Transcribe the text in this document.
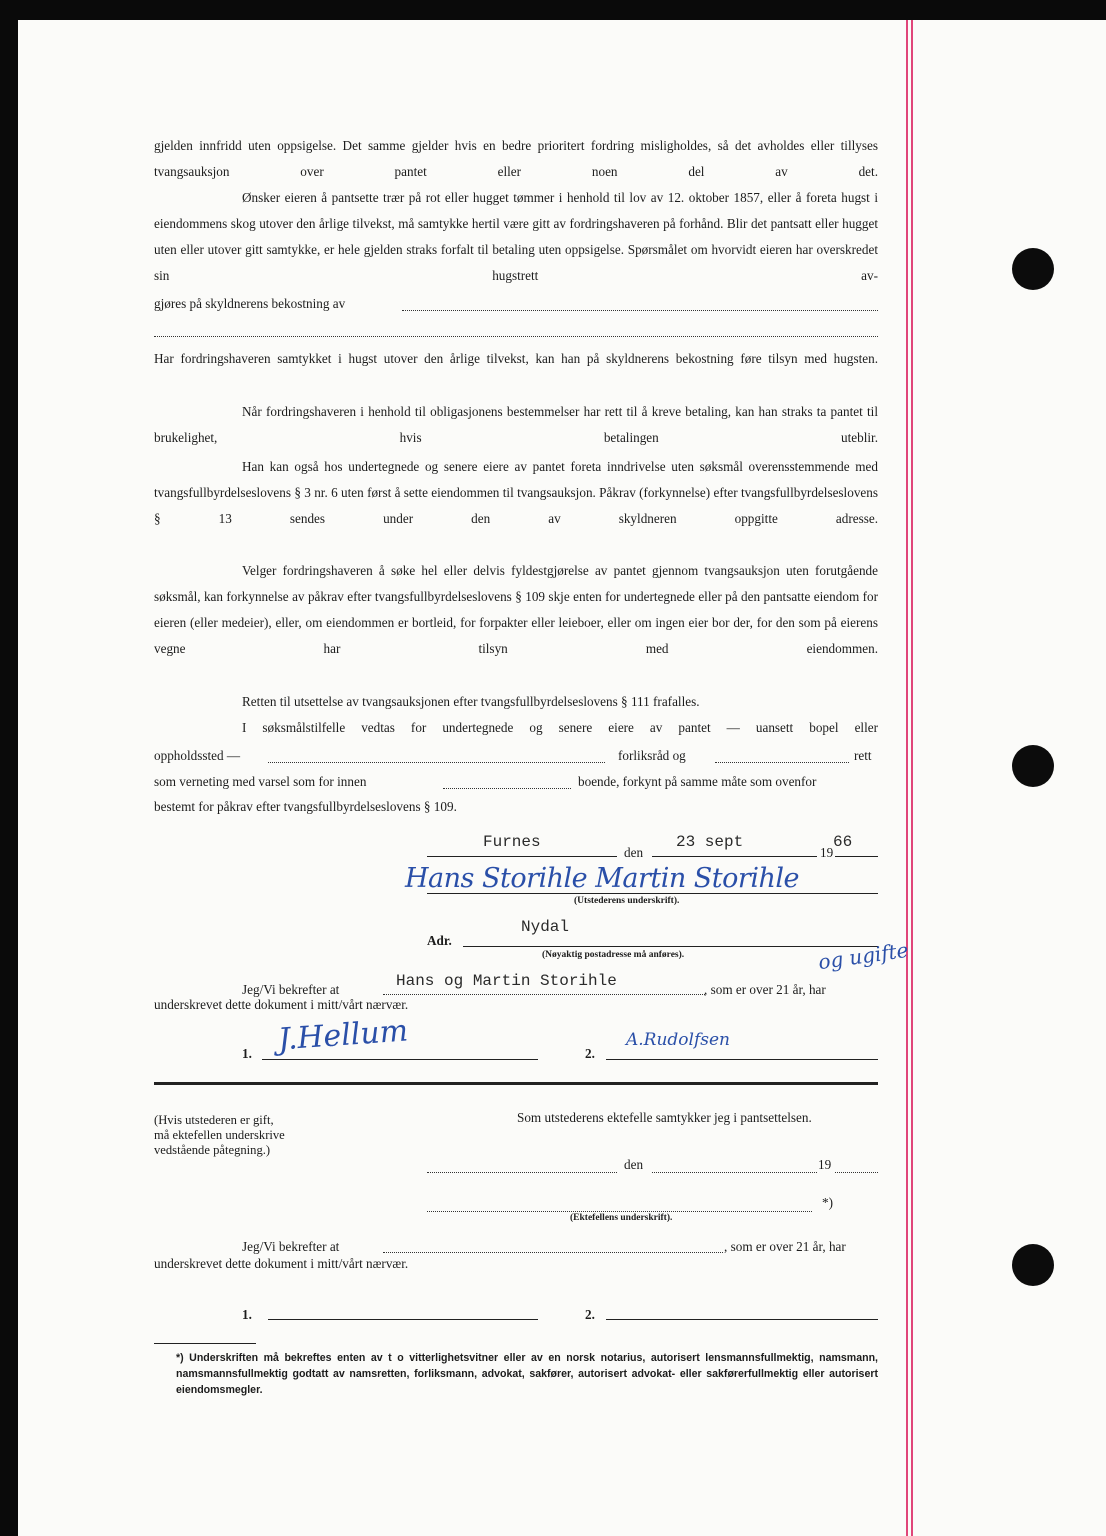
gjelden innfridd uten oppsigelse. Det samme gjelder hvis en bedre prioritert fordring misligholdes, så det avholdes eller tillyses tvangsauksjon over pantet eller noen del av det.

Ønsker eieren å pantsette trær på rot eller hugget tømmer i henhold til lov av 12. oktober 1857, eller å foreta hugst i eiendommens skog utover den årlige tilvekst, må samtykke hertil være gitt av fordringshaveren på forhånd. Blir det pantsatt eller hugget uten eller utover gitt samtykke, er hele gjelden straks forfalt til betaling uten oppsigelse. Spørsmålet om hvorvidt eieren har overskredet sin hugstrett av-

gjøres på skyldnerens bekostning av

Har fordringshaveren samtykket i hugst utover den årlige tilvekst, kan han på skyldnerens bekostning føre tilsyn med hugsten.

Når fordringshaveren i henhold til obligasjonens bestemmelser har rett til å kreve betaling, kan han straks ta pantet til brukelighet, hvis betalingen uteblir.

Han kan også hos undertegnede og senere eiere av pantet foreta inndrivelse uten søksmål overensstemmende med tvangsfullbyrdelseslovens § 3 nr. 6 uten først å sette eiendommen til tvangsauksjon. Påkrav (forkynnelse) efter tvangsfullbyrdelseslovens § 13 sendes under den av skyldneren oppgitte adresse.

Velger fordringshaveren å søke hel eller delvis fyldestgjørelse av pantet gjennom tvangsauksjon uten forutgående søksmål, kan forkynnelse av påkrav efter tvangsfullbyrdelseslovens § 109 skje enten for undertegnede eller på den pantsatte eiendom for eieren (eller medeier), eller, om eiendommen er bortleid, for forpakter eller leieboer, eller om ingen eier bor der, for den som på eierens vegne har tilsyn med eiendommen.

Retten til utsettelse av tvangsauksjonen efter tvangsfullbyrdelseslovens § 111 frafalles.

I søksmålstilfelle vedtas for undertegnede og senere eiere av pantet — uansett bopel eller

oppholdssted —	forliksråd og	rett
som verneting med varsel som for innen	boende, forkynt på samme måte som ovenfor
bestemt for påkrav efter tvangsfullbyrdelseslovens § 109.
Furnes
den
23 sept
19
66
Hans Storihle Martin Storihle
(Utstederens underskrift).
Adr.
Nydal
(Nøyaktig postadresse må anføres).	og ugifte
Jeg/Vi bekrefter at	Hans og Martin Storihle	, som er over 21 år, har
underskrevet dette dokument i mitt/vårt nærvær.
1. J.Hellum	2.
A.Rudolfsen
(Hvis utstederen er gift,
må ektefellen underskrive
vedstående påtegning.)
Som utstederens ektefelle samtykker jeg i pantsettelsen.
den	19
*)
(Ektefellens underskrift).
Jeg/Vi bekrefter at	, som er over 21 år, har
underskrevet dette dokument i mitt/vårt nærvær.
1.	2.

*) Underskriften må bekreftes enten av t o vitterlighetsvitner eller av en norsk notarius, autorisert lensmannsfullmektig, namsmann, namsmannsfullmektig godtatt av namsretten, forliksmann, advokat, sakfører, autorisert advokat- eller sakførerfullmektig eller autorisert eiendomsmegler.
